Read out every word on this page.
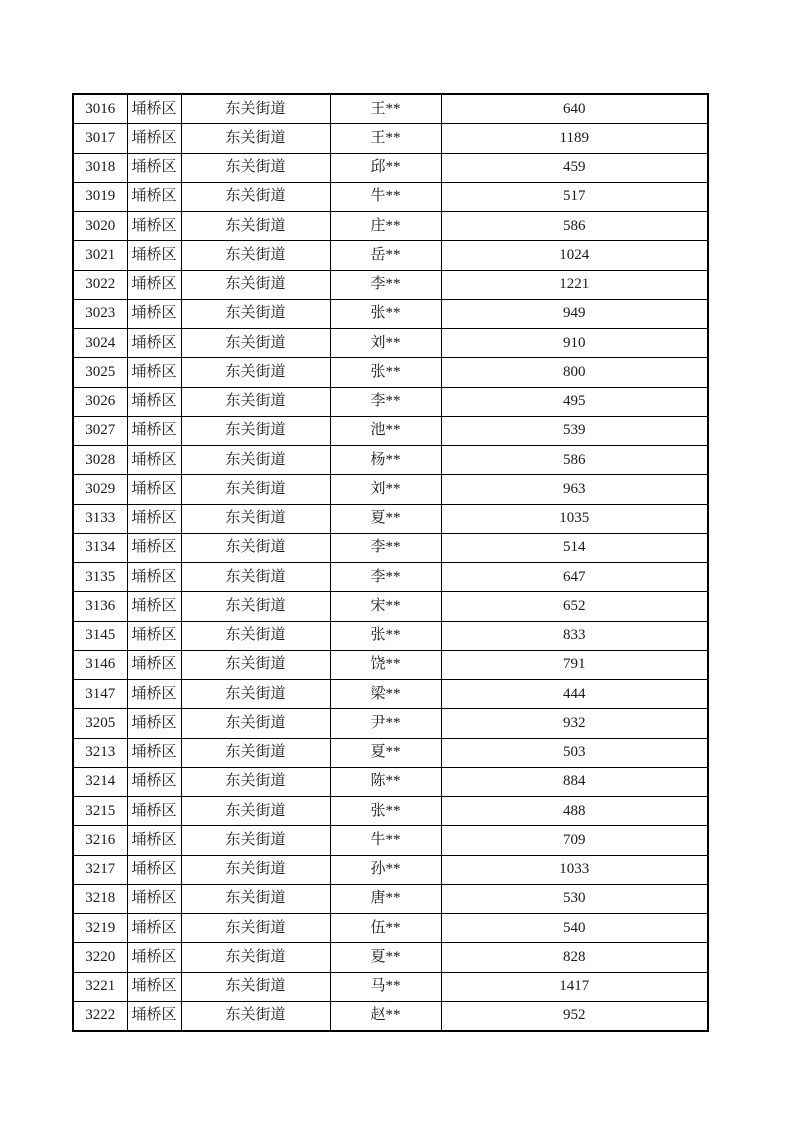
3016	埇桥区	东关街道	王**	640
3017	埇桥区	东关街道	王**	1189
3018	埇桥区	东关街道	邱**	459
3019	埇桥区	东关街道	牛**	517
3020	埇桥区	东关街道	庄**	586
3021	埇桥区	东关街道	岳**	1024
3022	埇桥区	东关街道	李**	1221
3023	埇桥区	东关街道	张**	949
3024	埇桥区	东关街道	刘**	910
3025	埇桥区	东关街道	张**	800
3026	埇桥区	东关街道	李**	495
3027	埇桥区	东关街道	池**	539
3028	埇桥区	东关街道	杨**	586
3029	埇桥区	东关街道	刘**	963
3133	埇桥区	东关街道	夏**	1035
3134	埇桥区	东关街道	李**	514
3135	埇桥区	东关街道	李**	647
3136	埇桥区	东关街道	宋**	652
3145	埇桥区	东关街道	张**	833
3146	埇桥区	东关街道	饶**	791
3147	埇桥区	东关街道	梁**	444
3205	埇桥区	东关街道	尹**	932
3213	埇桥区	东关街道	夏**	503
3214	埇桥区	东关街道	陈**	884
3215	埇桥区	东关街道	张**	488
3216	埇桥区	东关街道	牛**	709
3217	埇桥区	东关街道	孙**	1033
3218	埇桥区	东关街道	唐**	530
3219	埇桥区	东关街道	伍**	540
3220	埇桥区	东关街道	夏**	828
3221	埇桥区	东关街道	马**	1417
3222	埇桥区	东关街道	赵**	952
